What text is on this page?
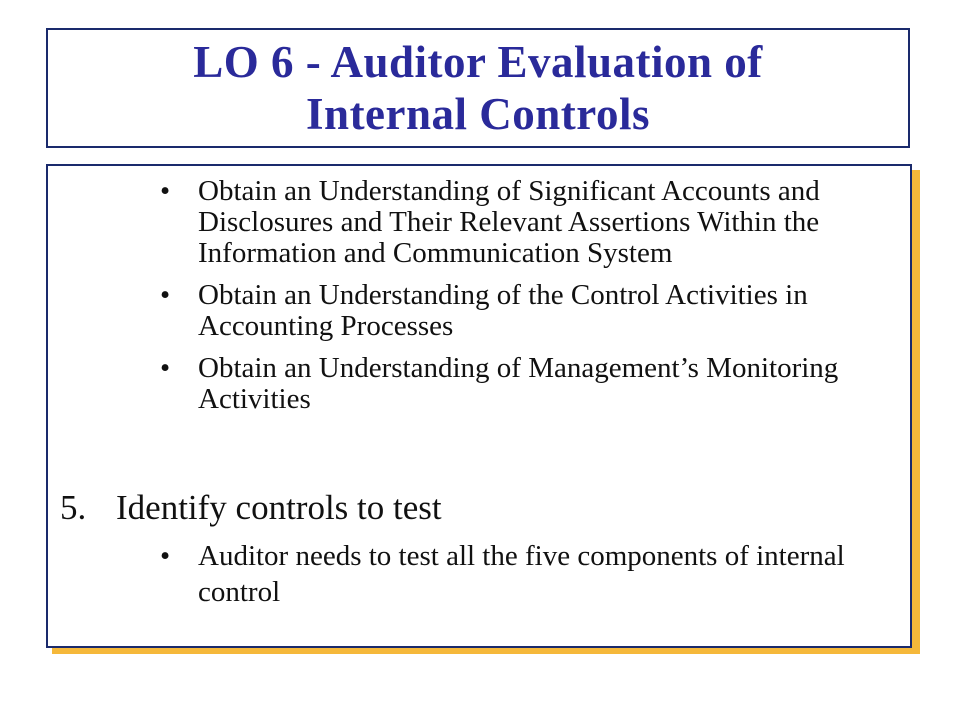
LO 6 - Auditor Evaluation of
Internal Controls
• Obtain an Understanding of Significant Accounts and Disclosures and Their Relevant Assertions Within the Information and Communication System
• Obtain an Understanding of the Control Activities in Accounting Processes
• Obtain an Understanding of Management’s Monitoring Activities
5. Identify controls to test
• Auditor needs to test all the five components of internal control
